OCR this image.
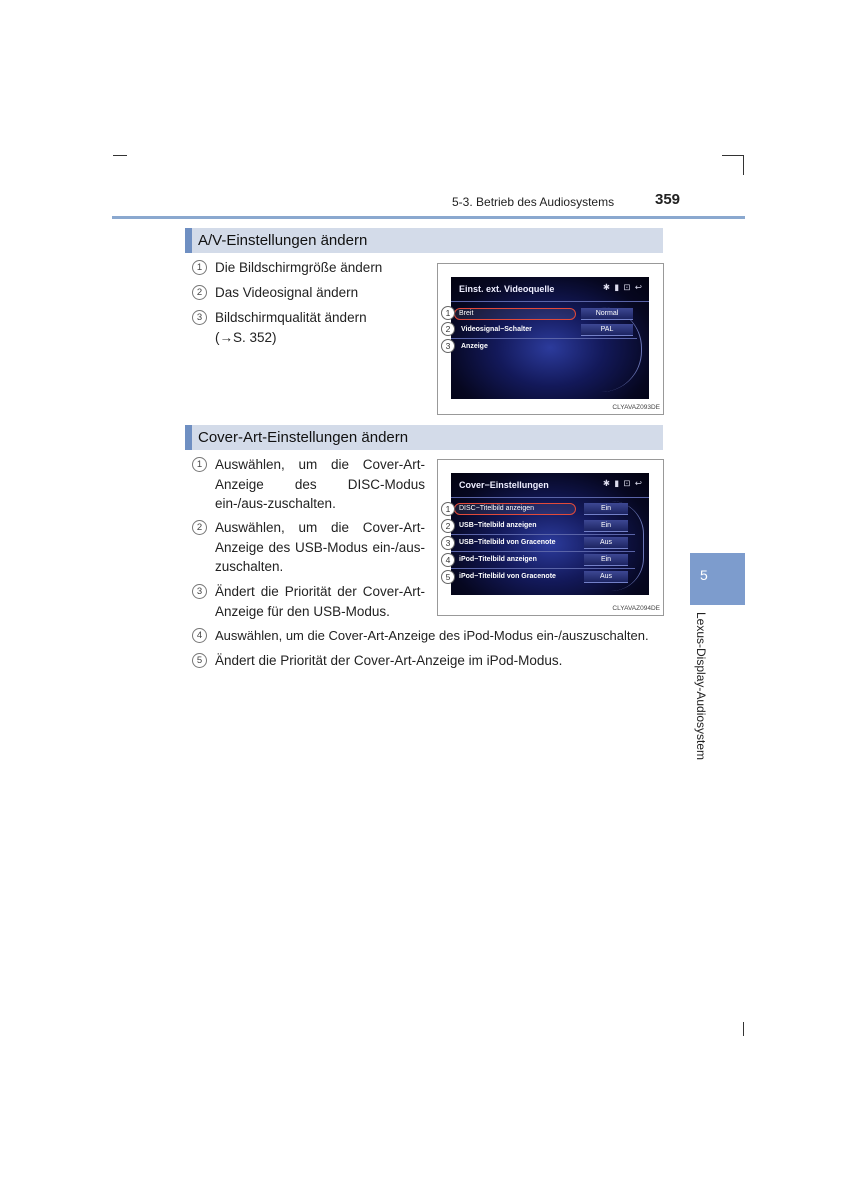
5-3. Betrieb des Audiosystems	359
A/V-Einstellungen ändern
1 Die Bildschirmgröße ändern
2 Das Videosignal ändern
3 Bildschirmqualität ändern
(→S. 352)
Einst. ext. Videoquelle	✱ ▮ ⊡ ↩
Breit	Normal
Videosignal−Schalter	PAL
Anzeige
1
2
3
CLYAVAZ093DE
Cover-Art-Einstellungen ändern
1 Auswählen, um die Cover-Art-Anzeige des DISC-Modus ein-/aus-zuschalten.
2 Auswählen, um die Cover-Art-Anzeige des USB-Modus ein-/aus-zuschalten.
3 Ändert die Priorität der Cover-Art-Anzeige für den USB-Modus.
4 Auswählen, um die Cover-Art-Anzeige des iPod-Modus ein-/auszuschalten.
5 Ändert die Priorität der Cover-Art-Anzeige im iPod-Modus.
Cover−Einstellungen	✱ ▮ ⊡ ↩
DISC−Titelbild anzeigen	Ein
USB−Titelbild anzeigen	Ein
USB−Titelbild von Gracenote	Aus
iPod−Titelbild anzeigen	Ein
iPod−Titelbild von Gracenote	Aus
1
2
3
4
5
CLYAVAZ094DE
5
Lexus-Display-Audiosystem
